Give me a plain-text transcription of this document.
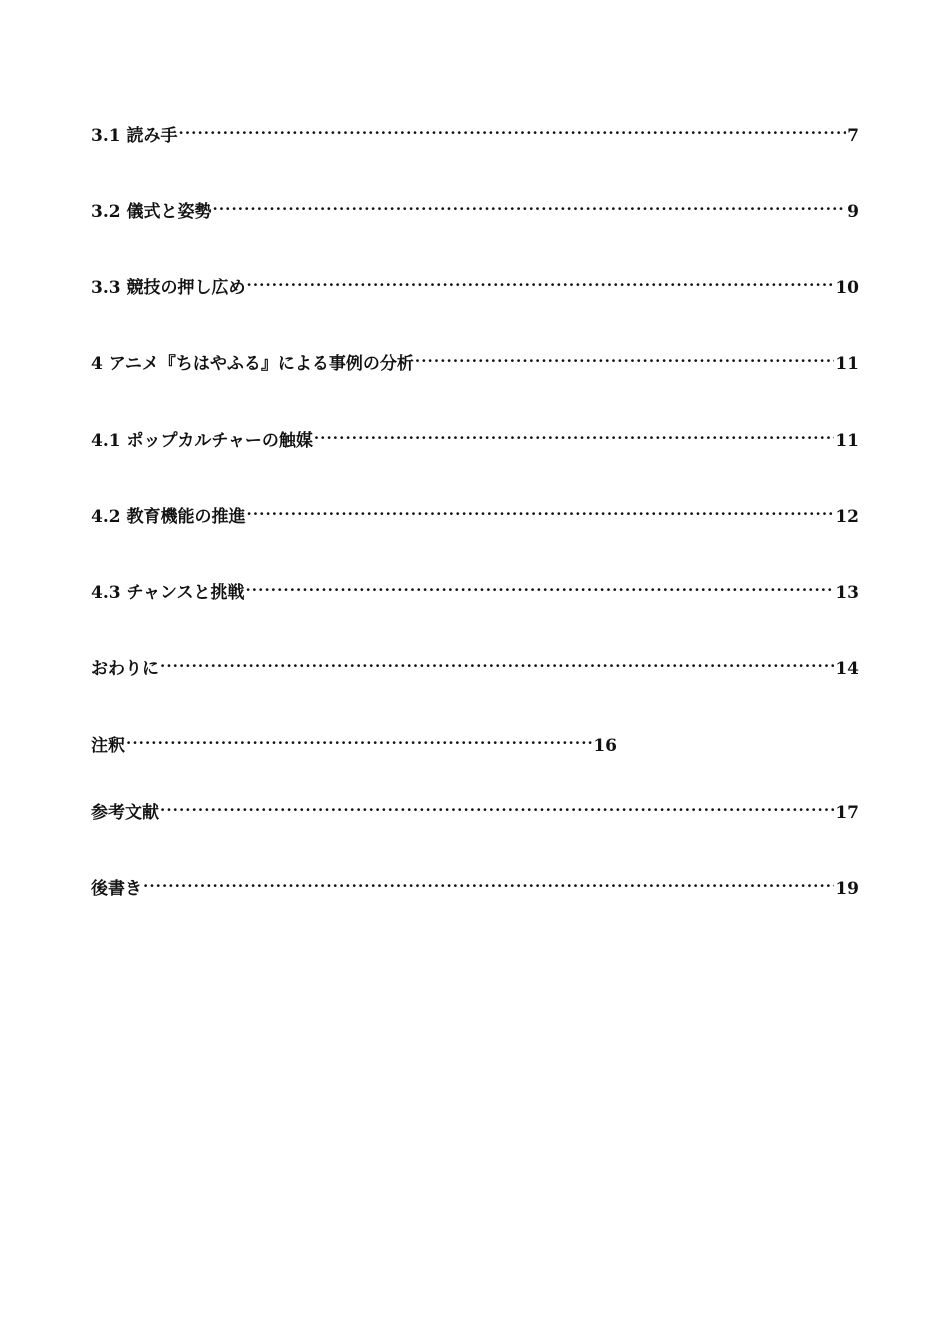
3.1 読み手 .....	7
3.2 儀式と姿勢 .....	9
3.3 競技の押し広め .....	10
4 アニメ『ちはやふる』による事例の分析 .....	11
4.1 ポップカルチャーの触媒 .....	11
4.2 教育機能の推進 .....	12
4.3 チャンスと挑戦 .....	13
おわりに .....	14
注釈 .....	16
参考文献 .....	17
後書き .....	19
